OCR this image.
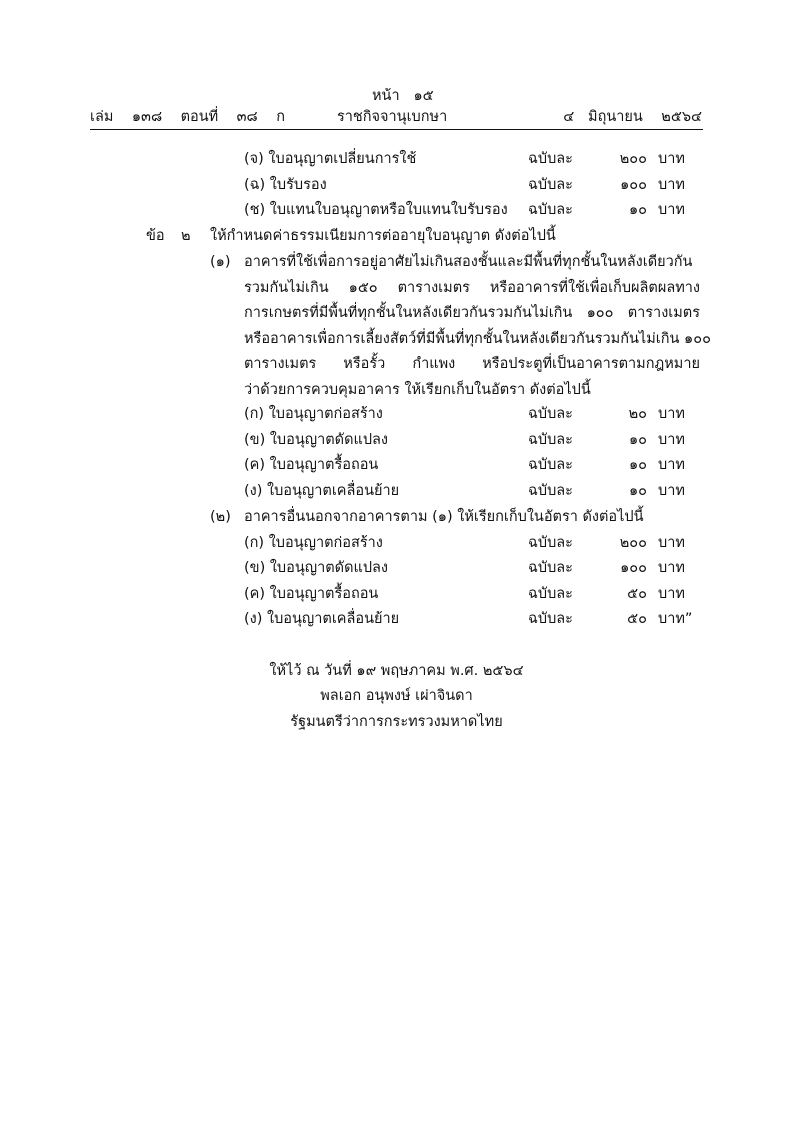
หน้า ๑๕
เล่ม ๑๓๘ ตอนที่ ๓๘ ก	ราชกิจจานุเบกษา	๔ มิถุนายน ๒๕๖๔
(จ) ใบอนุญาตเปลี่ยนการใช้	ฉบับละ	๒๐๐ บาท
(ฉ) ใบรับรอง	ฉบับละ	๑๐๐ บาท
(ช) ใบแทนใบอนุญาตหรือใบแทนใบรับรอง ฉบับละ	๑๐ บาท
ข้อ ๒ ให้กำหนดค่าธรรมเนียมการต่ออายุใบอนุญาต ดังต่อไปนี้
(๑) อาคารที่ใช้เพื่อการอยู่อาศัยไม่เกินสองชั้นและมีพื้นที่ทุกชั้นในหลังเดียวกัน
รวมกันไม่เกิน ๑๕๐ ตารางเมตร หรืออาคารที่ใช้เพื่อเก็บผลิตผลทาง
การเกษตรที่มีพื้นที่ทุกชั้นในหลังเดียวกันรวมกันไม่เกิน ๑๐๐ ตารางเมตร
หรืออาคารเพื่อการเลี้ยงสัตว์ที่มีพื้นที่ทุกชั้นในหลังเดียวกันรวมกันไม่เกิน ๑๐๐
ตารางเมตร หรือรั้ว กำแพง หรือประตูที่เป็นอาคารตามกฎหมาย
ว่าด้วยการควบคุมอาคาร ให้เรียกเก็บในอัตรา ดังต่อไปนี้
(ก) ใบอนุญาตก่อสร้าง	ฉบับละ	๒๐ บาท
(ข) ใบอนุญาตดัดแปลง	ฉบับละ	๑๐ บาท
(ค) ใบอนุญาตรื้อถอน	ฉบับละ	๑๐ บาท
(ง) ใบอนุญาตเคลื่อนย้าย	ฉบับละ	๑๐ บาท
(๒) อาคารอื่นนอกจากอาคารตาม (๑) ให้เรียกเก็บในอัตรา ดังต่อไปนี้
(ก) ใบอนุญาตก่อสร้าง	ฉบับละ	๒๐๐ บาท
(ข) ใบอนุญาตดัดแปลง	ฉบับละ	๑๐๐ บาท
(ค) ใบอนุญาตรื้อถอน	ฉบับละ	๕๐ บาท
(ง) ใบอนุญาตเคลื่อนย้าย	ฉบับละ	๕๐ บาท”
ให้ไว้ ณ วันที่ ๑๙ พฤษภาคม พ.ศ. ๒๕๖๔
พลเอก อนุพงษ์ เผ่าจินดา
รัฐมนตรีว่าการกระทรวงมหาดไทย
